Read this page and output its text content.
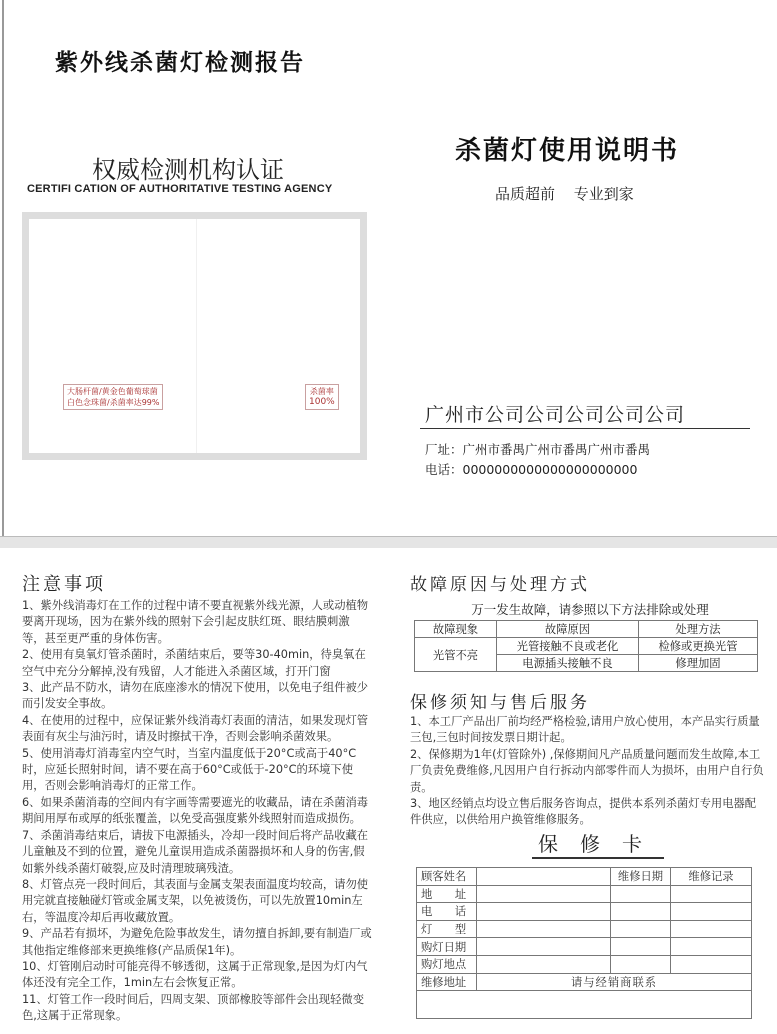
紫外线杀菌灯检测报告
权威检测机构认证
CERTIFI CATION OF AUTHORITATIVE TESTING AGENCY
大肠杆菌/黄金色葡萄球菌
白色念珠菌/杀菌率达99%
杀菌率
100%
杀菌灯使用说明书
品质超前 专业到家
广州市公司公司公司公司公司
厂址：广州市番禺广州市番禺广州市番禺
电话：0000000000000000000000
注意事项

1、紫外线消毒灯在工作的过程中请不要直视紫外线光源，人或动植物要离开现场，因为在紫外线的照射下会引起皮肤红斑、眼结膜刺激等，甚至更严重的身体伤害。

2、使用有臭氧灯管杀菌时，杀菌结束后，要等30-40min，待臭氧在空气中充分分解掉,没有残留，人才能进入杀菌区域，打开门窗

3、此产品不防水，请勿在底座渗水的情况下使用，以免电子组件被少而引发安全事故。

4、在使用的过程中，应保证紫外线消毒灯表面的清洁，如果发现灯管表面有灰尘与油污时，请及时擦拭干净，否则会影响杀菌效果。

5、使用消毒灯消毒室内空气时，当室内温度低于20°C或高于40°C时，应延长照射时间，请不要在高于60°C或低于-20°C的环境下使用，否则会影响消毒灯的正常工作。

6、如果杀菌消毒的空间内有字画等需要遮光的收藏品，请在杀菌消毒期间用厚布或厚的纸张覆盖，以免受高强度紫外线照射而造成损伤。

7、杀菌消毒结束后，请拔下电源插头，冷却一段时间后将产品收藏在儿童触及不到的位置，避免儿童误用造成杀菌器损坏和人身的伤害,假如紫外线杀菌灯破裂,应及时清理玻璃残渣。

8、灯管点亮一段时间后，其表面与金属支架表面温度均较高，请勿使用完就直接触碰灯管或金属支架，以免被烫伤，可以先放置10min左右，等温度冷却后再收藏放置。

9、产品若有损坏，为避免危险事故发生，请勿擅自拆卸,要有制造厂或其他指定维修部来更换维修(产品质保1年)。

10、灯管刚启动时可能亮得不够透彻，这属于正常现象,是因为灯内气体还没有完全工作，1min左右会恢复正常。

11、灯管工作一段时间后，四周支架、顶部橡胶等部件会出现轻微变色,这属于正常现象。

故障原因与处理方式
万一发生故障，请参照以下方法排除或处理
故障现象	故障原因	处理方法
光管不亮	光管接触不良或老化	检修或更换光管
	电源插头接触不良	修理加固
保修须知与售后服务

1、本工厂产品出厂前均经严格检验,请用户放心使用，本产品实行质量三包,三包时间按发票日期计起。

2、保修期为1年(灯管除外) ,保修期间凡产品质量问题而发生故障,本工厂负责免费维修,凡因用户自行拆动内部零件而人为损坏，由用户自行负责。

3、地区经销点均设立售后服务咨询点，提供本系列杀菌灯专用电器配件供应，以供给用户换管维修服务。

保修卡
顾客姓名		维修日期	维修记录
地　　址			
电　　话			
灯　　型			
购灯日期			
购灯地点			
维修地址	请与经销商联系		
